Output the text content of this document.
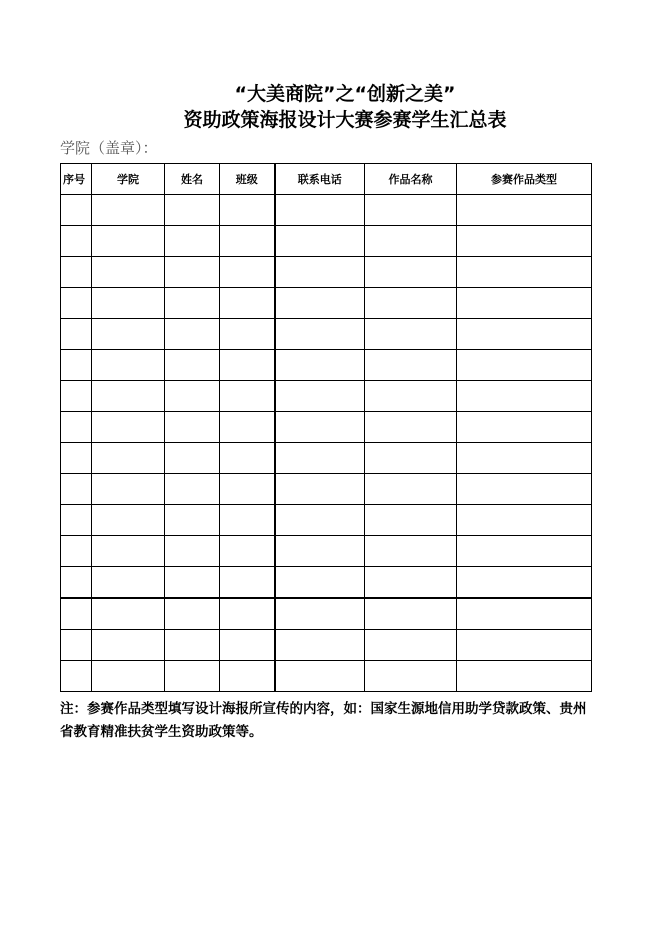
“大美商院”之“创新之美”
资助政策海报设计大赛参赛学生汇总表
学院（盖章）：
序号	学院	姓名	班级	联系电话	作品名称	参赛作品类型

注：参赛作品类型填写设计海报所宣传的内容，如：国家生源地信用助学贷款政策、贵州省教育精准扶贫学生资助政策等。
